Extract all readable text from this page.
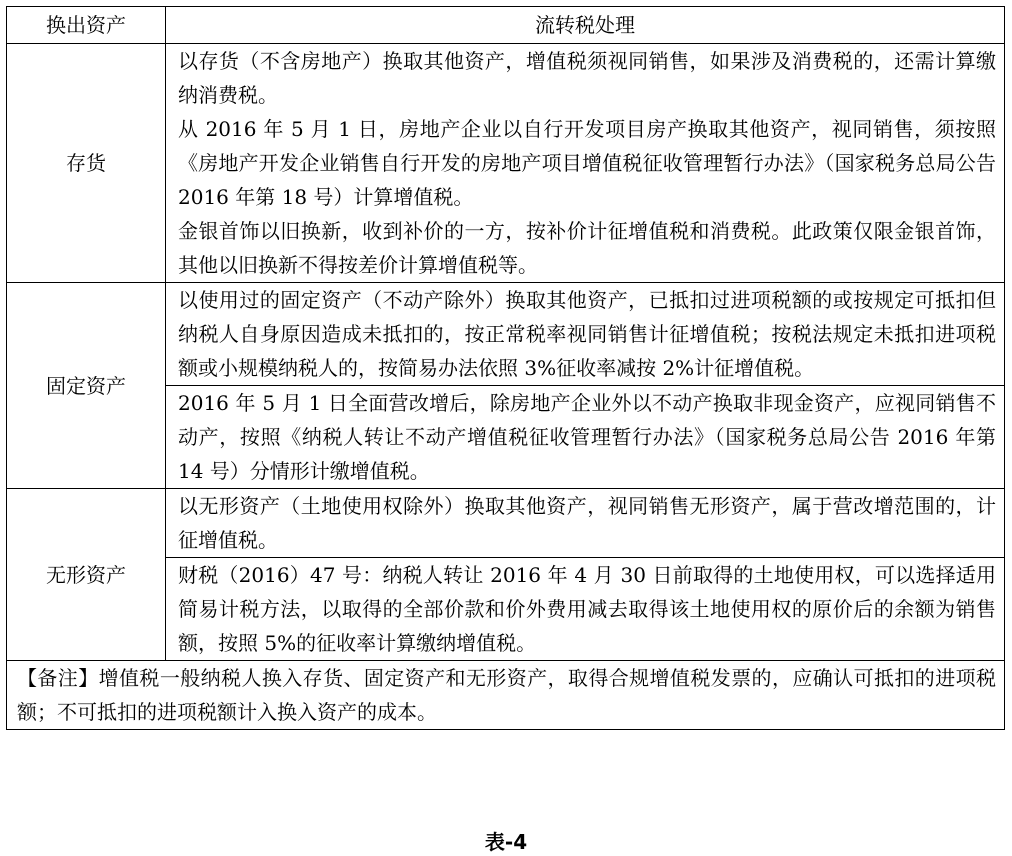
换出资产	流转税处理
存货	以存货（不含房地产）换取其他资产，增值税须视同销售，如果涉及消费税的，还需计算缴纳消费税。
从 2016 年 5 月 1 日，房地产企业以自行开发项目房产换取其他资产，视同销售，须按照《房地产开发企业销售自行开发的房地产项目增值税征收管理暂行办法》（国家税务总局公告 2016 年第 18 号）计算增值税。
金银首饰以旧换新，收到补价的一方，按补价计征增值税和消费税。此政策仅限金银首饰，其他以旧换新不得按差价计算增值税等。

固定资产	以使用过的固定资产（不动产除外）换取其他资产，已抵扣过进项税额的或按规定可抵扣但纳税人自身原因造成未抵扣的，按正常税率视同销售计征增值税；按税法规定未抵扣进项税额或小规模纳税人的，按简易办法依照 3%征收率减按 2%计征增值税。
	2016 年 5 月 1 日全面营改增后，除房地产企业外以不动产换取非现金资产，应视同销售不动产，按照《纳税人转让不动产增值税征收管理暂行办法》（国家税务总局公告 2016 年第 14 号）分情形计缴增值税。
无形资产	以无形资产（土地使用权除外）换取其他资产，视同销售无形资产，属于营改增范围的，计征增值税。
	财税（2016）47 号：纳税人转让 2016 年 4 月 30 日前取得的土地使用权，可以选择适用简易计税方法，以取得的全部价款和价外费用减去取得该土地使用权的原价后的余额为销售额，按照 5%的征收率计算缴纳增值税。
【备注】增值税一般纳税人换入存货、固定资产和无形资产，取得合规增值税发票的，应确认可抵扣的进项税额；不可抵扣的进项税额计入换入资产的成本。	
表-4
